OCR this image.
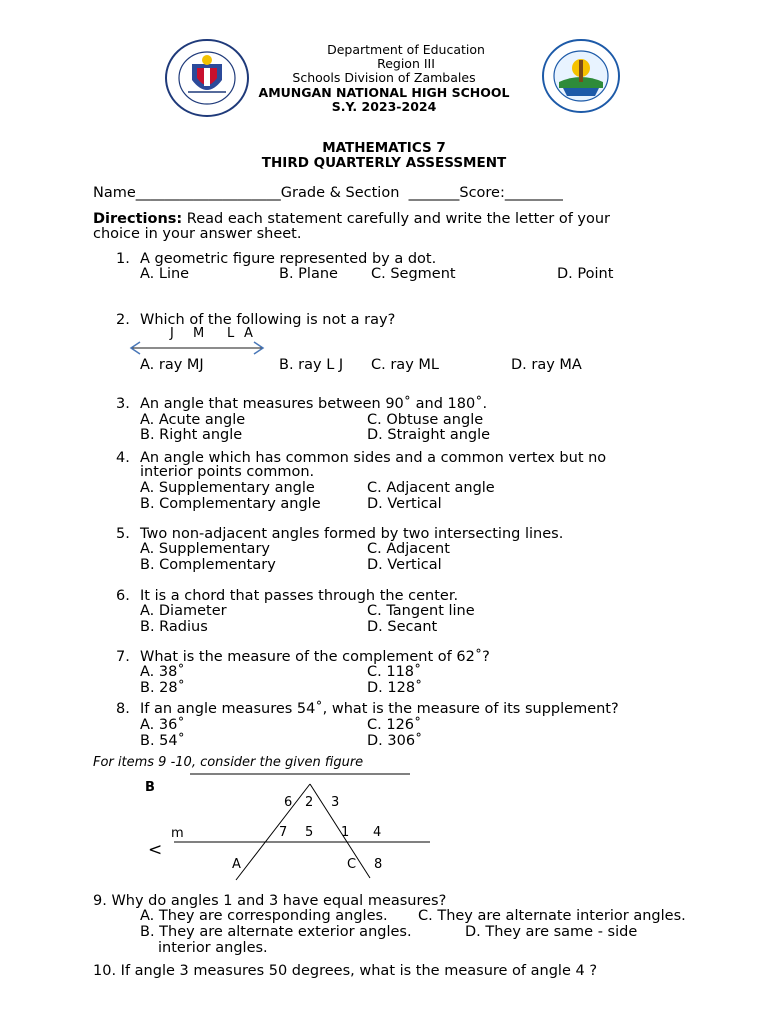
Department of Education
Region III
Schools Division of Zambales
AMUNGAN NATIONAL HIGH SCHOOL
S.Y. 2023-2024
MATHEMATICS 7
THIRD QUARTERLY ASSESSMENT
Name____________________Grade & Section _______Score:________
Directions: Read each statement carefully and write the letter of your
choice in your answer sheet.
1. A geometric figure represented by a dot.
A. Line	B. Plane C. Segment	D. Point
2. Which of the following is not a ray?
J M L A
A. ray MJ	B. ray L J C. ray ML	D. ray MA
3. An angle that measures between 90˚ and 180˚.
A. Acute angle	C. Obtuse angle
B. Right angle	D. Straight angle
4. An angle which has common sides and a common vertex but no
interior points common.
A. Supplementary angle	C. Adjacent angle
B. Complementary angle	D. Vertical
5. Two non-adjacent angles formed by two intersecting lines.
A. Supplementary	C. Adjacent
B. Complementary	D. Vertical
6. It is a chord that passes through the center.
A. Diameter	C. Tangent line
B. Radius	D. Secant
7. What is the measure of the complement of 62˚?
A. 38˚	C. 118˚
B. 28˚	D. 128˚
8. If an angle measures 54˚, what is the measure of its supplement?
A. 36˚	C. 126˚
B. 54˚	D. 306˚
For items 9 -10, consider the given figure
B
6 2 3
m	7 5 1 4
<
A	C 8
9. Why do angles 1 and 3 have equal measures?
A. They are corresponding angles. C. They are alternate interior angles.
B. They are alternate exterior angles.	D. They are same - side
interior angles.
10. If angle 3 measures 50 degrees, what is the measure of angle 4 ?
